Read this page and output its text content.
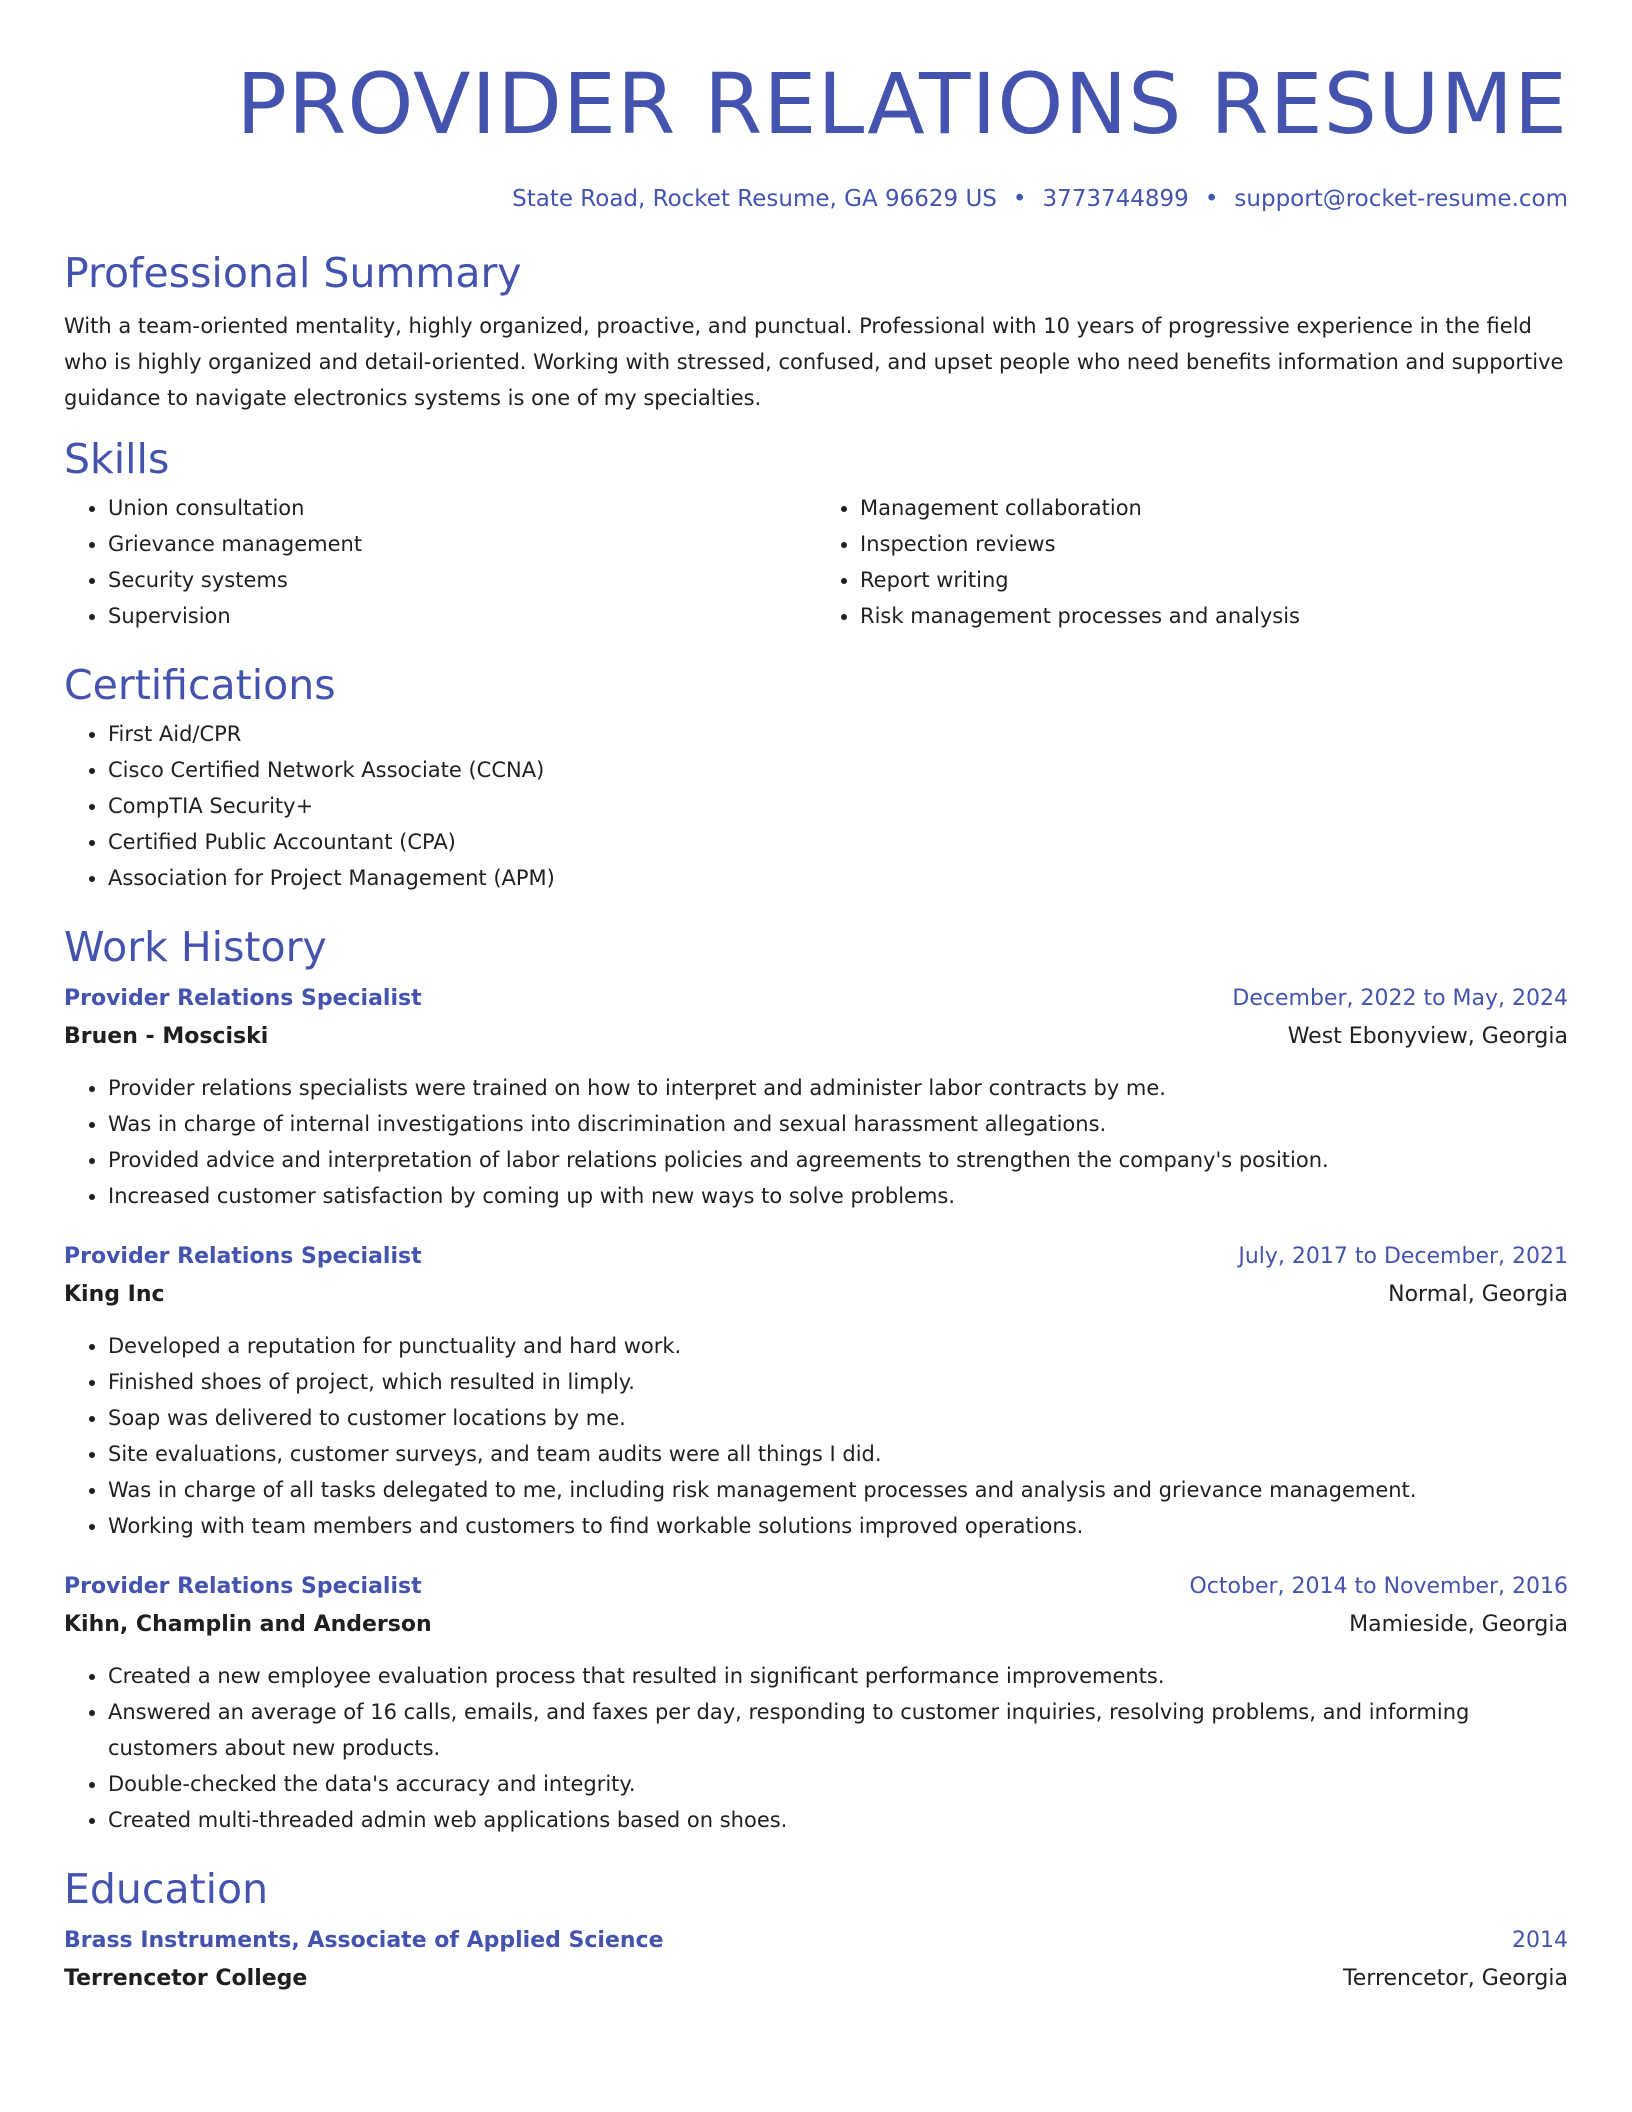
PROVIDER RELATIONS RESUME
State Road, Rocket Resume, GA 96629 US • 3773744899 • support@rocket-resume.com
Professional Summary

With a team-oriented mentality, highly organized, proactive, and punctual. Professional with 10 years of progressive experience in the field who is highly organized and detail-oriented. Working with stressed, confused, and upset people who need benefits information and supportive guidance to navigate electronics systems is one of my specialties.

Skills
• Union consultation
• Grievance management
• Security systems
• Supervision
• Management collaboration
• Inspection reviews
• Report writing
• Risk management processes and analysis
Certifications
• First Aid/CPR
• Cisco Certified Network Associate (CCNA)
• CompTIA Security+
• Certified Public Accountant (CPA)
• Association for Project Management (APM)
Work History
Provider Relations Specialist	December, 2022 to May, 2024
Bruen - Mosciski	West Ebonyview, Georgia
• Provider relations specialists were trained on how to interpret and administer labor contracts by me.
• Was in charge of internal investigations into discrimination and sexual harassment allegations.
• Provided advice and interpretation of labor relations policies and agreements to strengthen the company's position.
• Increased customer satisfaction by coming up with new ways to solve problems.
Provider Relations Specialist	July, 2017 to December, 2021
King Inc	Normal, Georgia
• Developed a reputation for punctuality and hard work.
• Finished shoes of project, which resulted in limply.
• Soap was delivered to customer locations by me.
• Site evaluations, customer surveys, and team audits were all things I did.
• Was in charge of all tasks delegated to me, including risk management processes and analysis and grievance management.
• Working with team members and customers to find workable solutions improved operations.
Provider Relations Specialist	October, 2014 to November, 2016
Kihn, Champlin and Anderson	Mamieside, Georgia
• Created a new employee evaluation process that resulted in significant performance improvements.
• Answered an average of 16 calls, emails, and faxes per day, responding to customer inquiries, resolving problems, and informing customers about new products.
• Double-checked the data's accuracy and integrity.
• Created multi-threaded admin web applications based on shoes.
Education
Brass Instruments, Associate of Applied Science	2014
Terrencetor College	Terrencetor, Georgia
